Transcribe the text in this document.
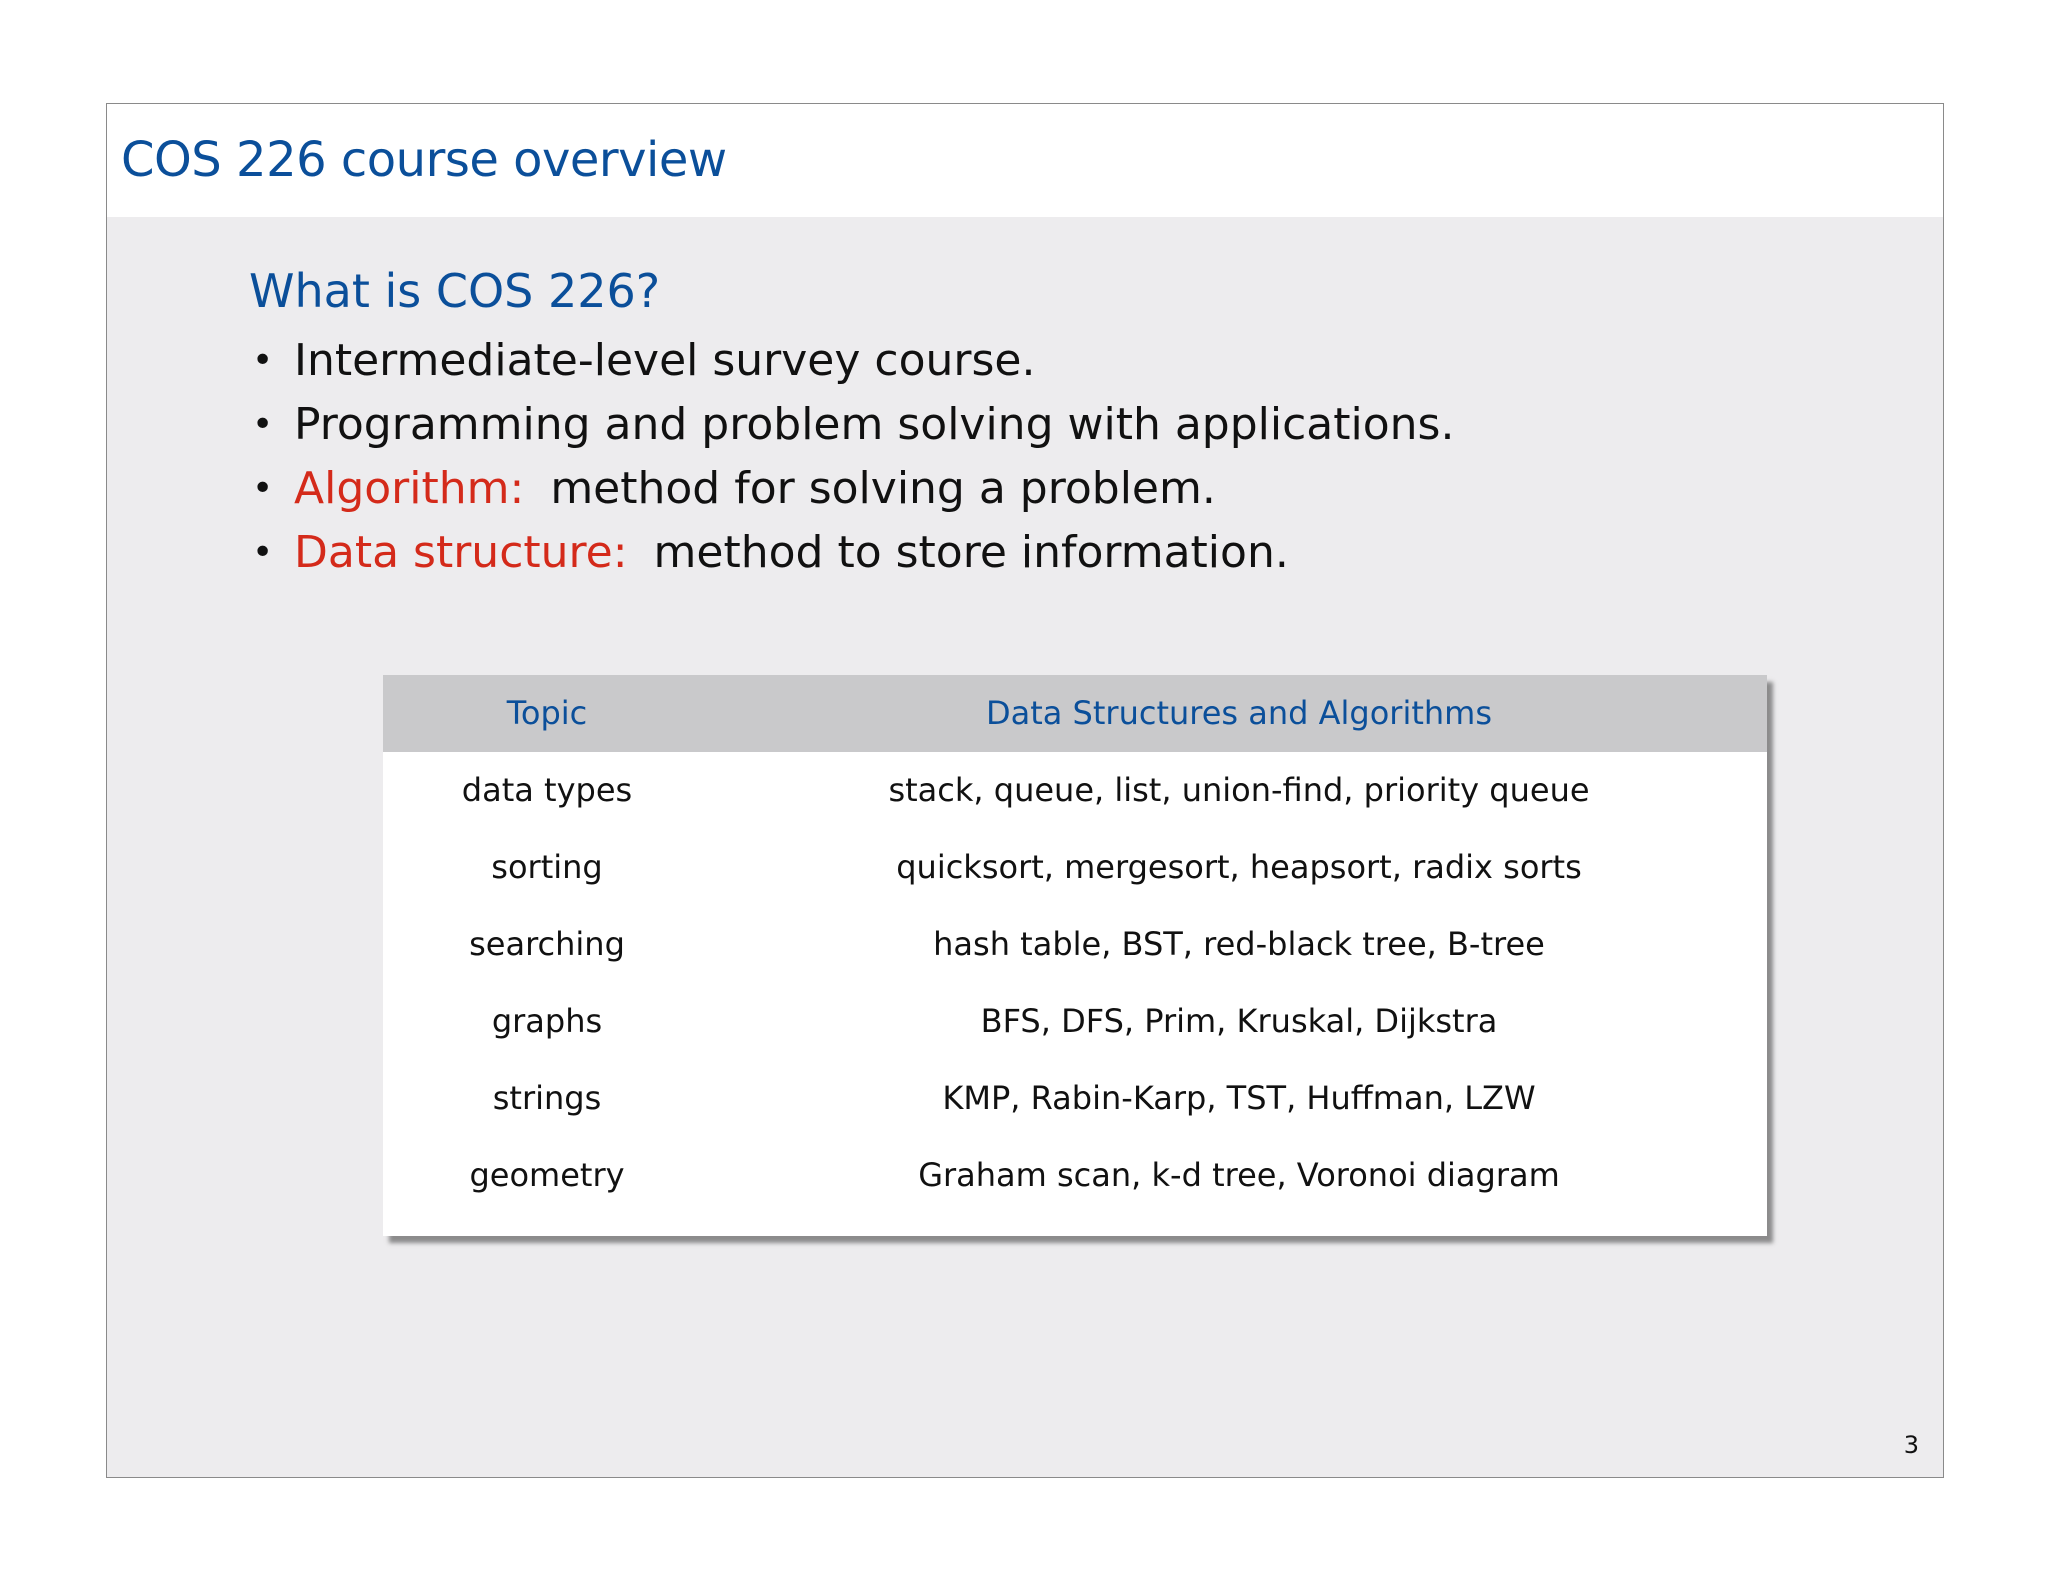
COS 226 course overview
What is COS 226?
• Intermediate-level survey course.
• Programming and problem solving with applications.
• Algorithm: method for solving a problem.
• Data structure: method to store information.
Topic	Data Structures and Algorithms
data types	stack, queue, list, union-find, priority queue
sorting	quicksort, mergesort, heapsort, radix sorts
searching	hash table, BST, red-black tree, B-tree
graphs	BFS, DFS, Prim, Kruskal, Dijkstra
strings	KMP, Rabin-Karp, TST, Huffman, LZW
geometry	Graham scan, k-d tree, Voronoi diagram
3
